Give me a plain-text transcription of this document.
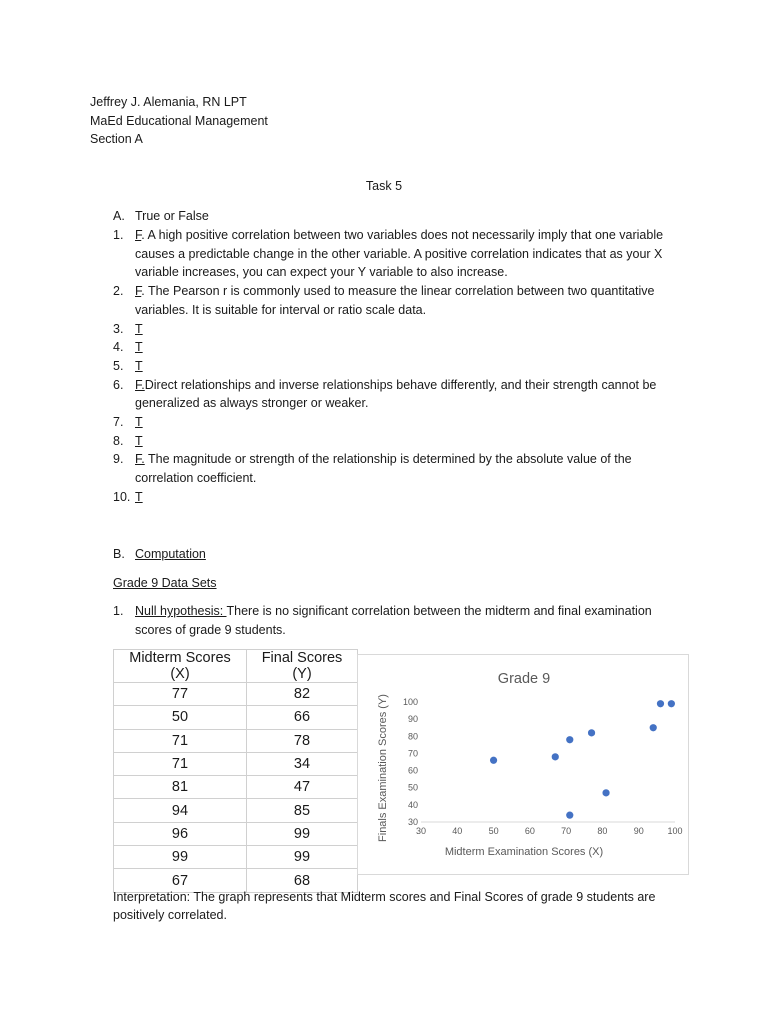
Jeffrey J. Alemania, RN LPT
MaEd Educational Management
Section A
Task 5
A. True or False
1. F. A high positive correlation between two variables does not necessarily imply that one variable
causes a predictable change in the other variable. A positive correlation indicates that as your X
variable increases, you can expect your Y variable to also increase.
2. F. The Pearson r is commonly used to measure the linear correlation between two quantitative
variables. It is suitable for interval or ratio scale data.
3. T
4. T
5. T
6. F.Direct relationships and inverse relationships behave differently, and their strength cannot be
generalized as always stronger or weaker.
7. T
8. T
9. F. The magnitude or strength of the relationship is determined by the absolute value of the
correlation coefficient.
10. T
B. Computation
Grade 9 Data Sets
1. Null hypothesis: There is no significant correlation between the midterm and final examination
scores of grade 9 students.
Midterm Scores (X)	Final Scores (Y)
77	82
50	66
71	78
71	34
81	47
94	85
96	99
99	99
67	68
Grade 9
30	40	50	60	70	80	90	100
30
40
50
60
70
80
90
100
Midterm Examination Scores (X)
Finals Examination Scores (Y)
Interpretation: The graph represents that Midterm scores and Final Scores of grade 9 students are
positively correlated.
